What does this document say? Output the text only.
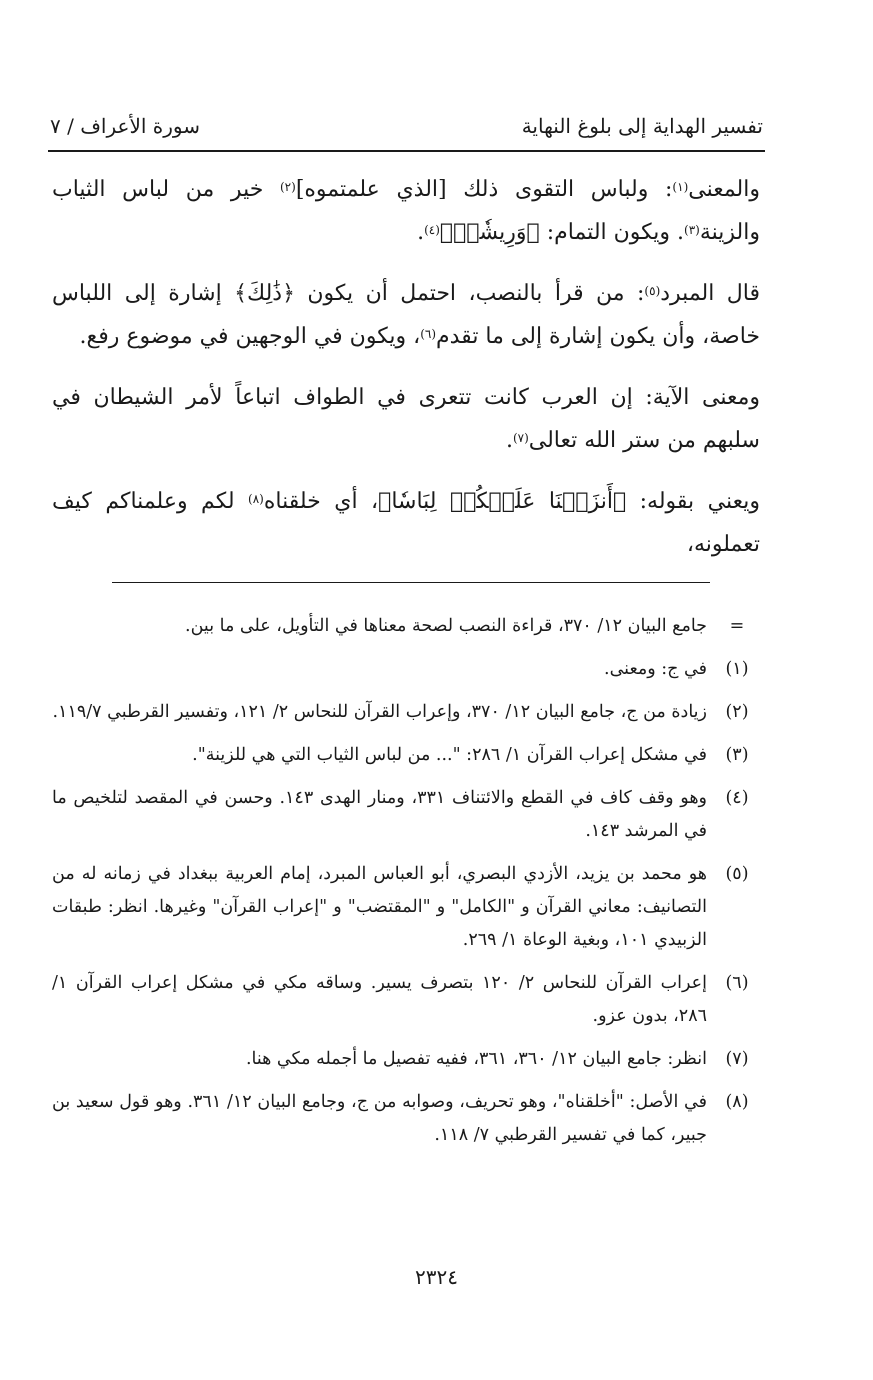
تفسير الهداية إلى بلوغ النهاية
سورة الأعراف / ٧

والمعنى$^{(١)}$: ولباس التقوى ذلك [الذي علمتموه]$^{(٢)}$ خير من لباس الثياب والزينة$^{(٣)}$. ويكون التمام: ﴿وَرِيشٗاۖ﴾$^{(٤)}$.

قال المبرد$^{(٥)}$: من قرأ بالنصب، احتمل أن يكون ﴿ذَٰلِكَ﴾ إشارة إلى اللباس خاصة، وأن يكون إشارة إلى ما تقدم$^{(٦)}$، ويكون في الوجهين في موضوع رفع.

ومعنى الآية: إن العرب كانت تتعرى في الطواف اتباعاً لأمر الشيطان في سلبهم من ستر الله تعالى$^{(٧)}$.

ويعني بقوله: ﴿أَنزَلۡنَا عَلَيۡكُمۡ لِبَاسٗا﴾، أي خلقناه$^{(٨)}$ لكم وعلمناكم كيف تعملونه،

=
جامع البيان ١٢/ ٣٧٠، قراءة النصب لصحة معناها في التأويل، على ما بين.
(١)
في ج: ومعنى.
(٢)
زيادة من ج، جامع البيان ١٢/ ٣٧٠، وإعراب القرآن للنحاس ٢/ ١٢١، وتفسير القرطبي ١١٩/٧.
(٣)
في مشكل إعراب القرآن ١/ ٢٨٦: "... من لباس الثياب التي هي للزينة".
(٤)
وهو وقف كاف في القطع والائتناف ٣٣١، ومنار الهدى ١٤٣. وحسن في المقصد لتلخيص ما في المرشد ١٤٣.
(٥)
هو محمد بن يزيد، الأزدي البصري، أبو العباس المبرد، إمام العربية ببغداد في زمانه له من التصانيف: معاني القرآن و "الكامل" و "المقتضب" و "إعراب القرآن" وغيرها. انظر: طبقات الزبيدي ١٠١، وبغية الوعاة ١/ ٢٦٩.
(٦)
إعراب القرآن للنحاس ٢/ ١٢٠ بتصرف يسير. وساقه مكي في مشكل إعراب القرآن ١/ ٢٨٦، بدون عزو.
(٧)
انظر: جامع البيان ١٢/ ٣٦٠، ٣٦١، ففيه تفصيل ما أجمله مكي هنا.
(٨)
في الأصل: "أخلقناه"، وهو تحريف، وصوابه من ج، وجامع البيان ١٢/ ٣٦١. وهو قول سعيد بن جبير، كما في تفسير القرطبي ٧/ ١١٨.
٢٣٢٤
